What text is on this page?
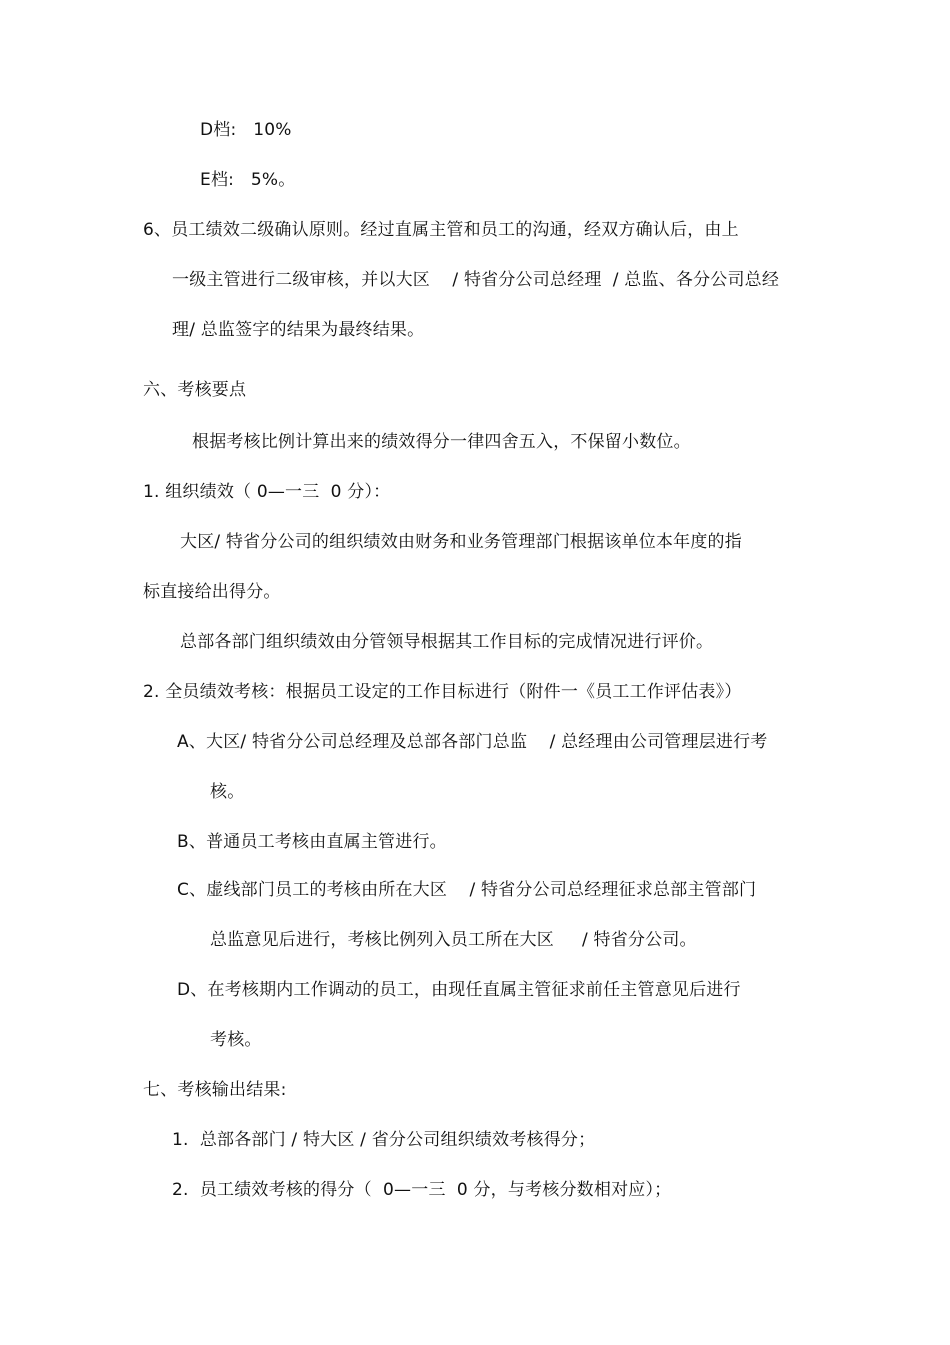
D档:   10%
E档:   5%。
6、员工绩效二级确认原则。经过直属主管和员工的沟通，经双方确认后，由上
一级主管进行二级审核，并以大区    / 特省分公司总经理  / 总监、各分公司总经
理/ 总监签字的结果为最终结果。
六、考核要点
根据考核比例计算出来的绩效得分一律四舍五入，不保留小数位。
1. 组织绩效（ 0—一三  0 分）：
大区/ 特省分公司的组织绩效由财务和业务管理部门根据该单位本年度的指
标直接给出得分。
总部各部门组织绩效由分管领导根据其工作目标的完成情况进行评价。
2. 全员绩效考核：根据员工设定的工作目标进行（附件一《员工工作评估表》）
A、大区/ 特省分公司总经理及总部各部门总监    / 总经理由公司管理层进行考
核。
B、普通员工考核由直属主管进行。
C、虚线部门员工的考核由所在大区    / 特省分公司总经理征求总部主管部门
总监意见后进行，考核比例列入员工所在大区     / 特省分公司。
D、在考核期内工作调动的员工，由现任直属主管征求前任主管意见后进行
考核。
七、考核输出结果:
1.  总部各部门 / 特大区 / 省分公司组织绩效考核得分；
2.  员工绩效考核的得分（  0—一三  0 分，与考核分数相对应）；
